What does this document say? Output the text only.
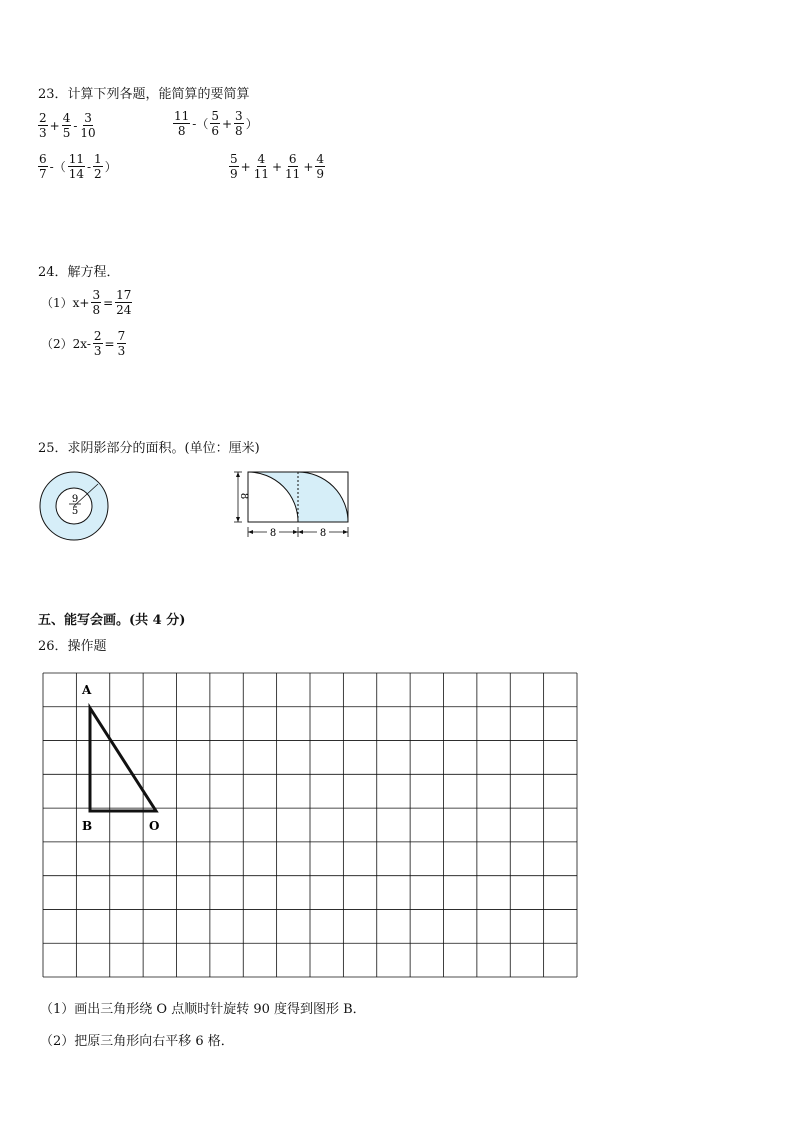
23．计算下列各题，能简算的要简算
$\frac{2}{3} + \frac{4}{5} - \frac{3}{10}$	$\frac{11}{8}$ -（ $\frac{5}{6} + \frac{3}{8}$ ）
$\frac{6}{7}$ -（ $\frac{11}{14} - \frac{1}{2}$ ）	$\frac{5}{9} + \frac{4}{11} + \frac{6}{11} + \frac{4}{9}$
24．解方程．
$(1)x+ \frac{3}{8} = \frac{17}{24}$
$(2)2x- \frac{2}{3} = \frac{7}{3}$
25．求阴影部分的面积。(单位：厘米)
9
5
8
8	8
五、能写会画。(共 4 分)
26．操作题
A
B	O
（1）画出三角形绕 O 点顺时针旋转 90 度得到图形 B．
（2）把原三角形向右平移 6 格．
